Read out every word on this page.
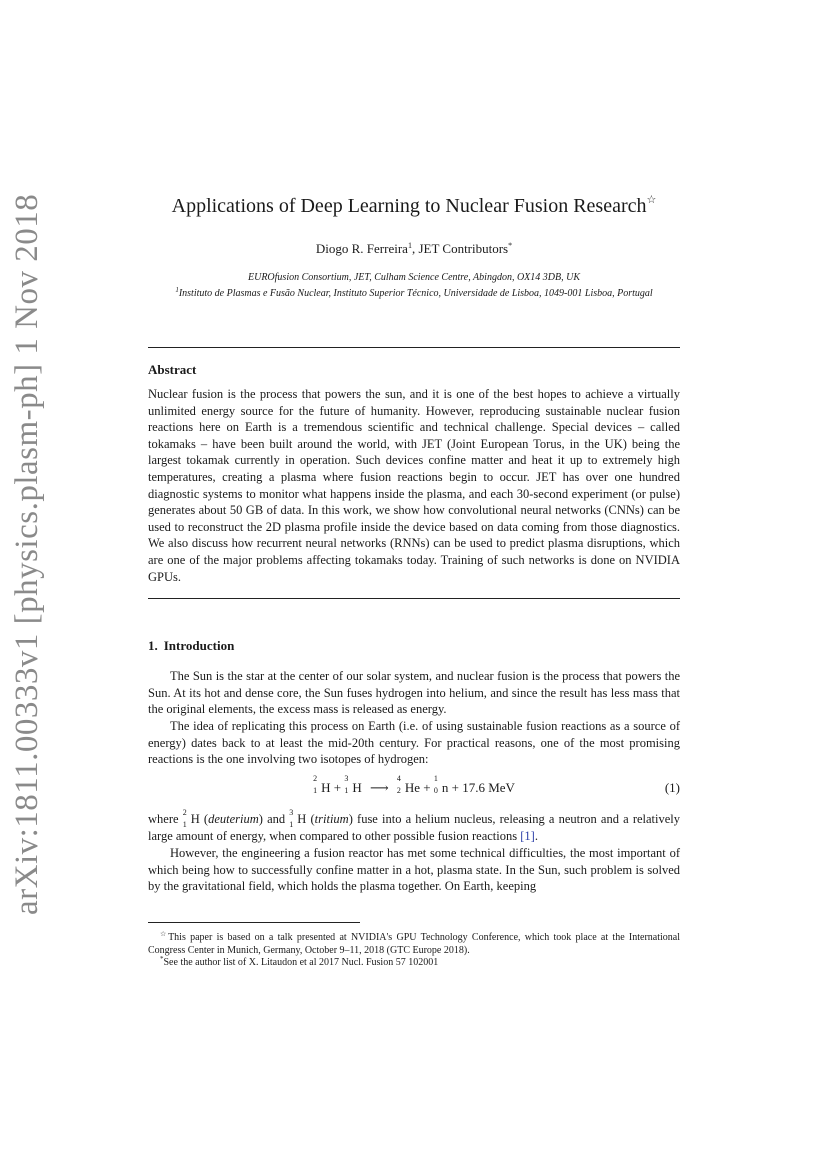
arXiv:1811.00333v1 [physics.plasm-ph] 1 Nov 2018	Applications of Deep Learning to Nuclear Fusion Research☆
Diogo R. Ferreira$^1$, JET Contributors*
EUROfusion Consortium, JET, Culham Science Centre, Abingdon, OX14 3DB, UK
$^1$Instituto de Plasmas e Fusão Nuclear, Instituto Superior Técnico, Universidade de Lisboa, 1049-001 Lisboa, Portugal
Abstract
Nuclear fusion is the process that powers the sun, and it is one of the best hopes to achieve a virtually unlimited energy source for the future of humanity. However, reproducing sustainable nuclear fusion reactions here on Earth is a tremendous scientific and technical challenge. Special devices – called tokamaks – have been built around the world, with JET (Joint European Torus, in the UK) being the largest tokamak currently in operation. Such devices confine matter and heat it up to extremely high temperatures, creating a plasma where fusion reactions begin to occur. JET has over one hundred diagnostic systems to monitor what happens inside the plasma, and each 30-second experiment (or pulse) generates about 50 GB of data. In this work, we show how convolutional neural networks (CNNs) can be used to reconstruct the 2D plasma profile inside the device based on data coming from those diagnostics. We also discuss how recurrent neural networks (RNNs) can be used to predict plasma disruptions, which are one of the major problems affecting tokamaks today. Training of such networks is done on NVIDIA GPUs.
1. Introduction
The Sun is the star at the center of our solar system, and nuclear fusion is the process that powers the Sun. At its hot and dense core, the Sun fuses hydrogen into helium, and since the result has less mass that the original elements, the excess mass is released as energy.
The idea of replicating this process on Earth (i.e. of using sustainable fusion reactions as a source of energy) dates back to at least the mid-20th century. For practical reasons, one of the most promising reactions is the one involving two isotopes of hydrogen:
2
1 H +
3
1 H ⟶
4
2 He +
1
0 n + 17.6 MeV	(1)
where 2
1 H (deuterium) and 3
1 H (tritium) fuse into a helium nucleus, releasing a neutron and a relatively large amount of energy, when compared to other possible fusion reactions [1].
However, the engineering a fusion reactor has met some technical difficulties, the most important of which being how to successfully confine matter in a hot, plasma state. In the Sun, such problem is solved by the gravitational field, which holds the plasma together. On Earth, keeping
☆This paper is based on a talk presented at NVIDIA's GPU Technology Conference, which took place at the International Congress Center in Munich, Germany, October 9–11, 2018 (GTC Europe 2018).
*See the author list of X. Litaudon et al 2017 Nucl. Fusion 57 102001
